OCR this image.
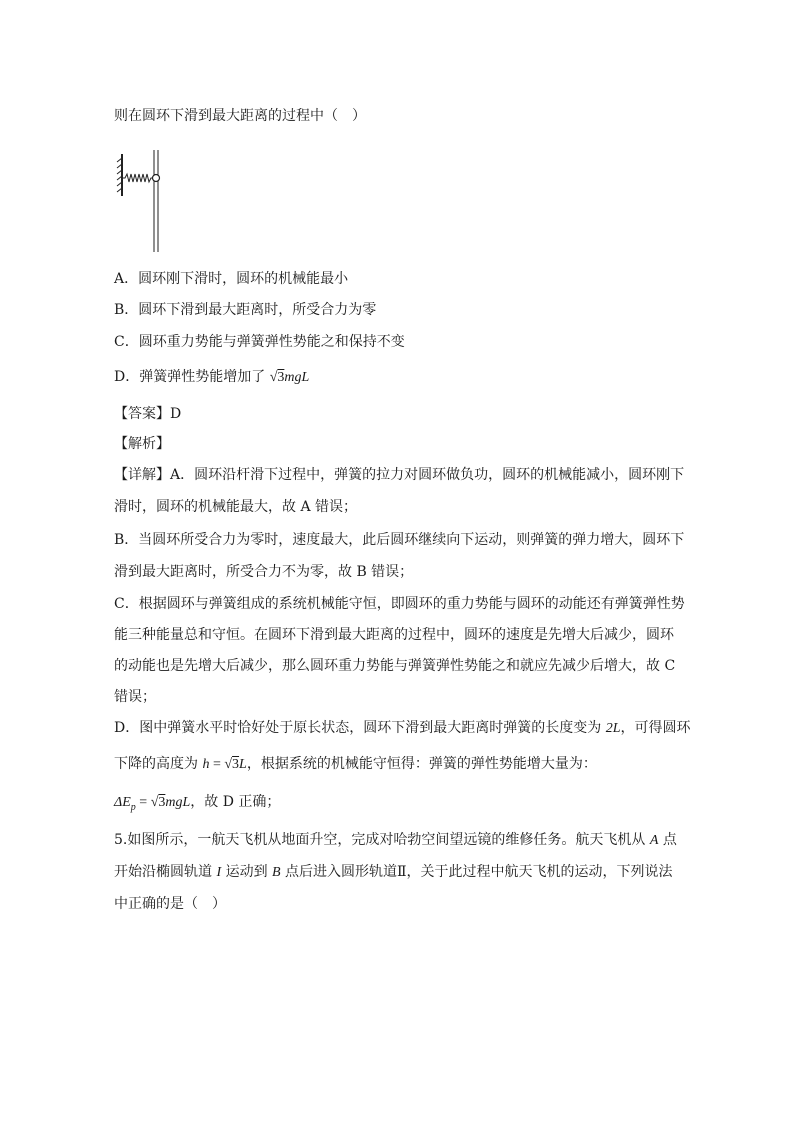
则在圆环下滑到最大距离的过程中（　）
A．圆环刚下滑时，圆环的机械能最小
B．圆环下滑到最大距离时，所受合力为零
C．圆环重力势能与弹簧弹性势能之和保持不变
D．弹簧弹性势能增加了 √3mgL
【答案】D
【解析】
【详解】A．圆环沿杆滑下过程中，弹簧的拉力对圆环做负功，圆环的机械能减小，圆环刚下
滑时，圆环的机械能最大，故 A 错误；
B．当圆环所受合力为零时，速度最大，此后圆环继续向下运动，则弹簧的弹力增大，圆环下
滑到最大距离时，所受合力不为零，故 B 错误；
C．根据圆环与弹簧组成的系统机械能守恒，即圆环的重力势能与圆环的动能还有弹簧弹性势
能三种能量总和守恒。在圆环下滑到最大距离的过程中，圆环的速度是先增大后减少，圆环
的动能也是先增大后减少，那么圆环重力势能与弹簧弹性势能之和就应先减少后增大，故 C
错误；
D．图中弹簧水平时恰好处于原长状态，圆环下滑到最大距离时弹簧的长度变为 2L，可得圆环
下降的高度为 h = √3L，根据系统的机械能守恒得：弹簧的弹性势能增大量为：
$\Delta E_p = √3mgL$，故 D 正确；
5.如图所示，一航天飞机从地面升空，完成对哈勃空间望远镜的维修任务。航天飞机从 A 点
开始沿椭圆轨道 I 运动到 B 点后进入圆形轨道Ⅱ，关于此过程中航天飞机的运动，下列说法
中正确的是（　）
